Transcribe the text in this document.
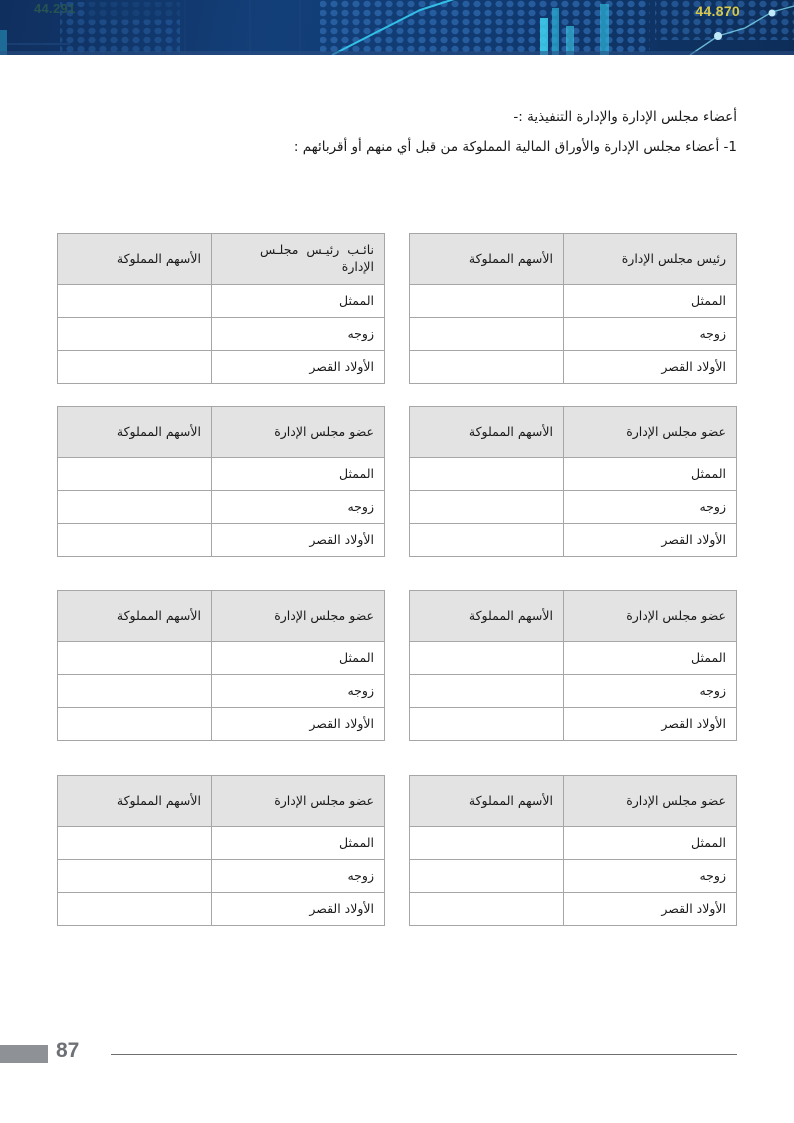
44.291	44.870
أعضاء مجلس الإدارة والإدارة التنفيذية :-
1- أعضاء مجلس الإدارة والأوراق المالية المملوكة من قبل أي منهم أو أقربائهم :
رئيس مجلس الإدارة	الأسهم المملوكة

الممثل	

زوجه	

الأولاد القصر	

نائـب رئيـس مجلـس الإدارة	الأسهم المملوكة

الممثل	

زوجه	

الأولاد القصر	

عضو مجلس الإدارة	الأسهم المملوكة

الممثل	

زوجه	

الأولاد القصر	

عضو مجلس الإدارة	الأسهم المملوكة

الممثل	

زوجه	

الأولاد القصر	

عضو مجلس الإدارة	الأسهم المملوكة

الممثل	

زوجه	

الأولاد القصر	

عضو مجلس الإدارة	الأسهم المملوكة

الممثل	

زوجه	

الأولاد القصر	

عضو مجلس الإدارة	الأسهم المملوكة

الممثل	

زوجه	

الأولاد القصر	

عضو مجلس الإدارة	الأسهم المملوكة

الممثل	

زوجه	

الأولاد القصر	

87
